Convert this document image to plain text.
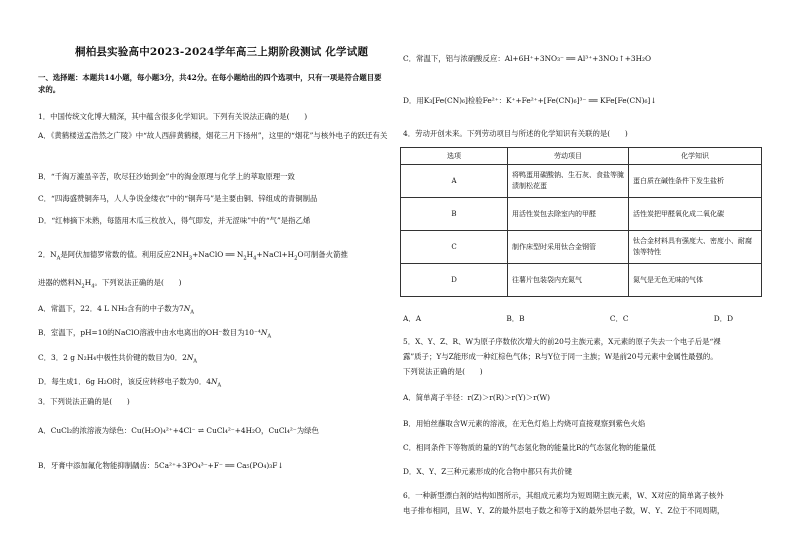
桐柏县实验高中2023-2024学年高三上期阶段测试 化学试题
一、选择题：本题共14小题，每小题3分，共42分。在每小题给出的四个选项中，只有一项是符合题目要求的。
1．中国传统文化博大精深，其中蕴含很多化学知识。下列有关说法正确的是(　　)
A．《黄鹤楼送孟浩然之广陵》中“故人西辞黄鹤楼，烟花三月下扬州”，这里的“烟花”与核外电子的跃迁有关
B．“千淘万漉虽辛苦，吹尽狂沙始到金”中的淘金原理与化学上的萃取原理一致
C．“四海盛赞铜奔马，人人争说金缕衣”中的“铜奔马”是主要由铜、锌组成的青铜制品
D．“红柿摘下未熟，每篮用木瓜三枚放入，得气即发，并无涩味”中的“气”是指乙烯
2．$N_A$是阿伏加德罗常数的值。利用反应$2NH_3+NaClO$ ══ $N_2H_4+NaCl+H_2O$可制备火箭推
进器的燃料$N_2H_4$。下列说法正确的是(　　)
A．常温下，22．4 L NH₃含有的中子数为$7N_A$
B．室温下，pH=10的NaClO溶液中由水电离出的OH⁻数目为$10^{-4}N_A$
C．3．2 g N₂H₄中极性共价键的数目为0．$2N_A$
D．每生成1．6g H₂O时，该反应转移电子数为0．$4N_A$
3．下列说法正确的是(　　)
A．CuCl₂的浓溶液为绿色：Cu(H₂O)₄²⁺+4Cl⁻ ⇌ CuCl₄²⁻+4H₂O，CuCl₄²⁻为绿色
B．牙膏中添加氟化物能抑制龋齿：5Ca²⁺+3PO₄³⁻+F⁻ ══ Ca₅(PO₄)₃F↓
C．常温下，铝与浓硝酸反应：Al+6H⁺+3NO₃⁻ ══ Al³⁺+3NO₂↑+3H₂O
D．用K₃[Fe(CN)₆]检验Fe²⁺：K⁺+Fe²⁺+[Fe(CN)₆]³⁻ ══ KFe[Fe(CN)₆]↓
4．劳动开创未来。下列劳动项目与所述的化学知识有关联的是(　　)
选项	劳动项目	化学知识
A	将鸭蛋用碳酸钠、生石灰、食盐等腌渍制松花蛋	蛋白质在碱性条件下发生盐析
B	用活性炭包去除室内的甲醛	活性炭把甲醛氧化成二氧化碳
C	制作床型时采用钛合金钢管	钛合金材料具有强度大、密度小、耐腐蚀等特性
D	往薯片包装袋内充氮气	氮气是无色无味的气体
A．A	B．B	C．C	D．D
5．X、Y、Z、R、W为原子序数依次增大的前20号主族元素，X元素的原子失去一个电子后是“裸
露”质子；Y与Z能形成一种红棕色气体；R与Y位于同一主族；W是前20号元素中金属性最强的。
下列说法正确的是(　　)
A．简单离子半径：r(Z)＞r(R)＞r(Y)＞r(W)
B．用铂丝蘸取含W元素的溶液，在无色灯焰上灼烧可直接观察到紫色火焰
C．相同条件下等物质的量的Y的气态氢化物的能量比R的气态氢化物的能量低
D．X、Y、Z三种元素形成的化合物中都只有共价键
6．一种新型漂白剂的结构如图所示，其组成元素均为短周期主族元素，W、X对应的简单离子核外
电子排布相同，且W、Y、Z的最外层电子数之和等于X的最外层电子数，W、Y、Z位于不同周期，
